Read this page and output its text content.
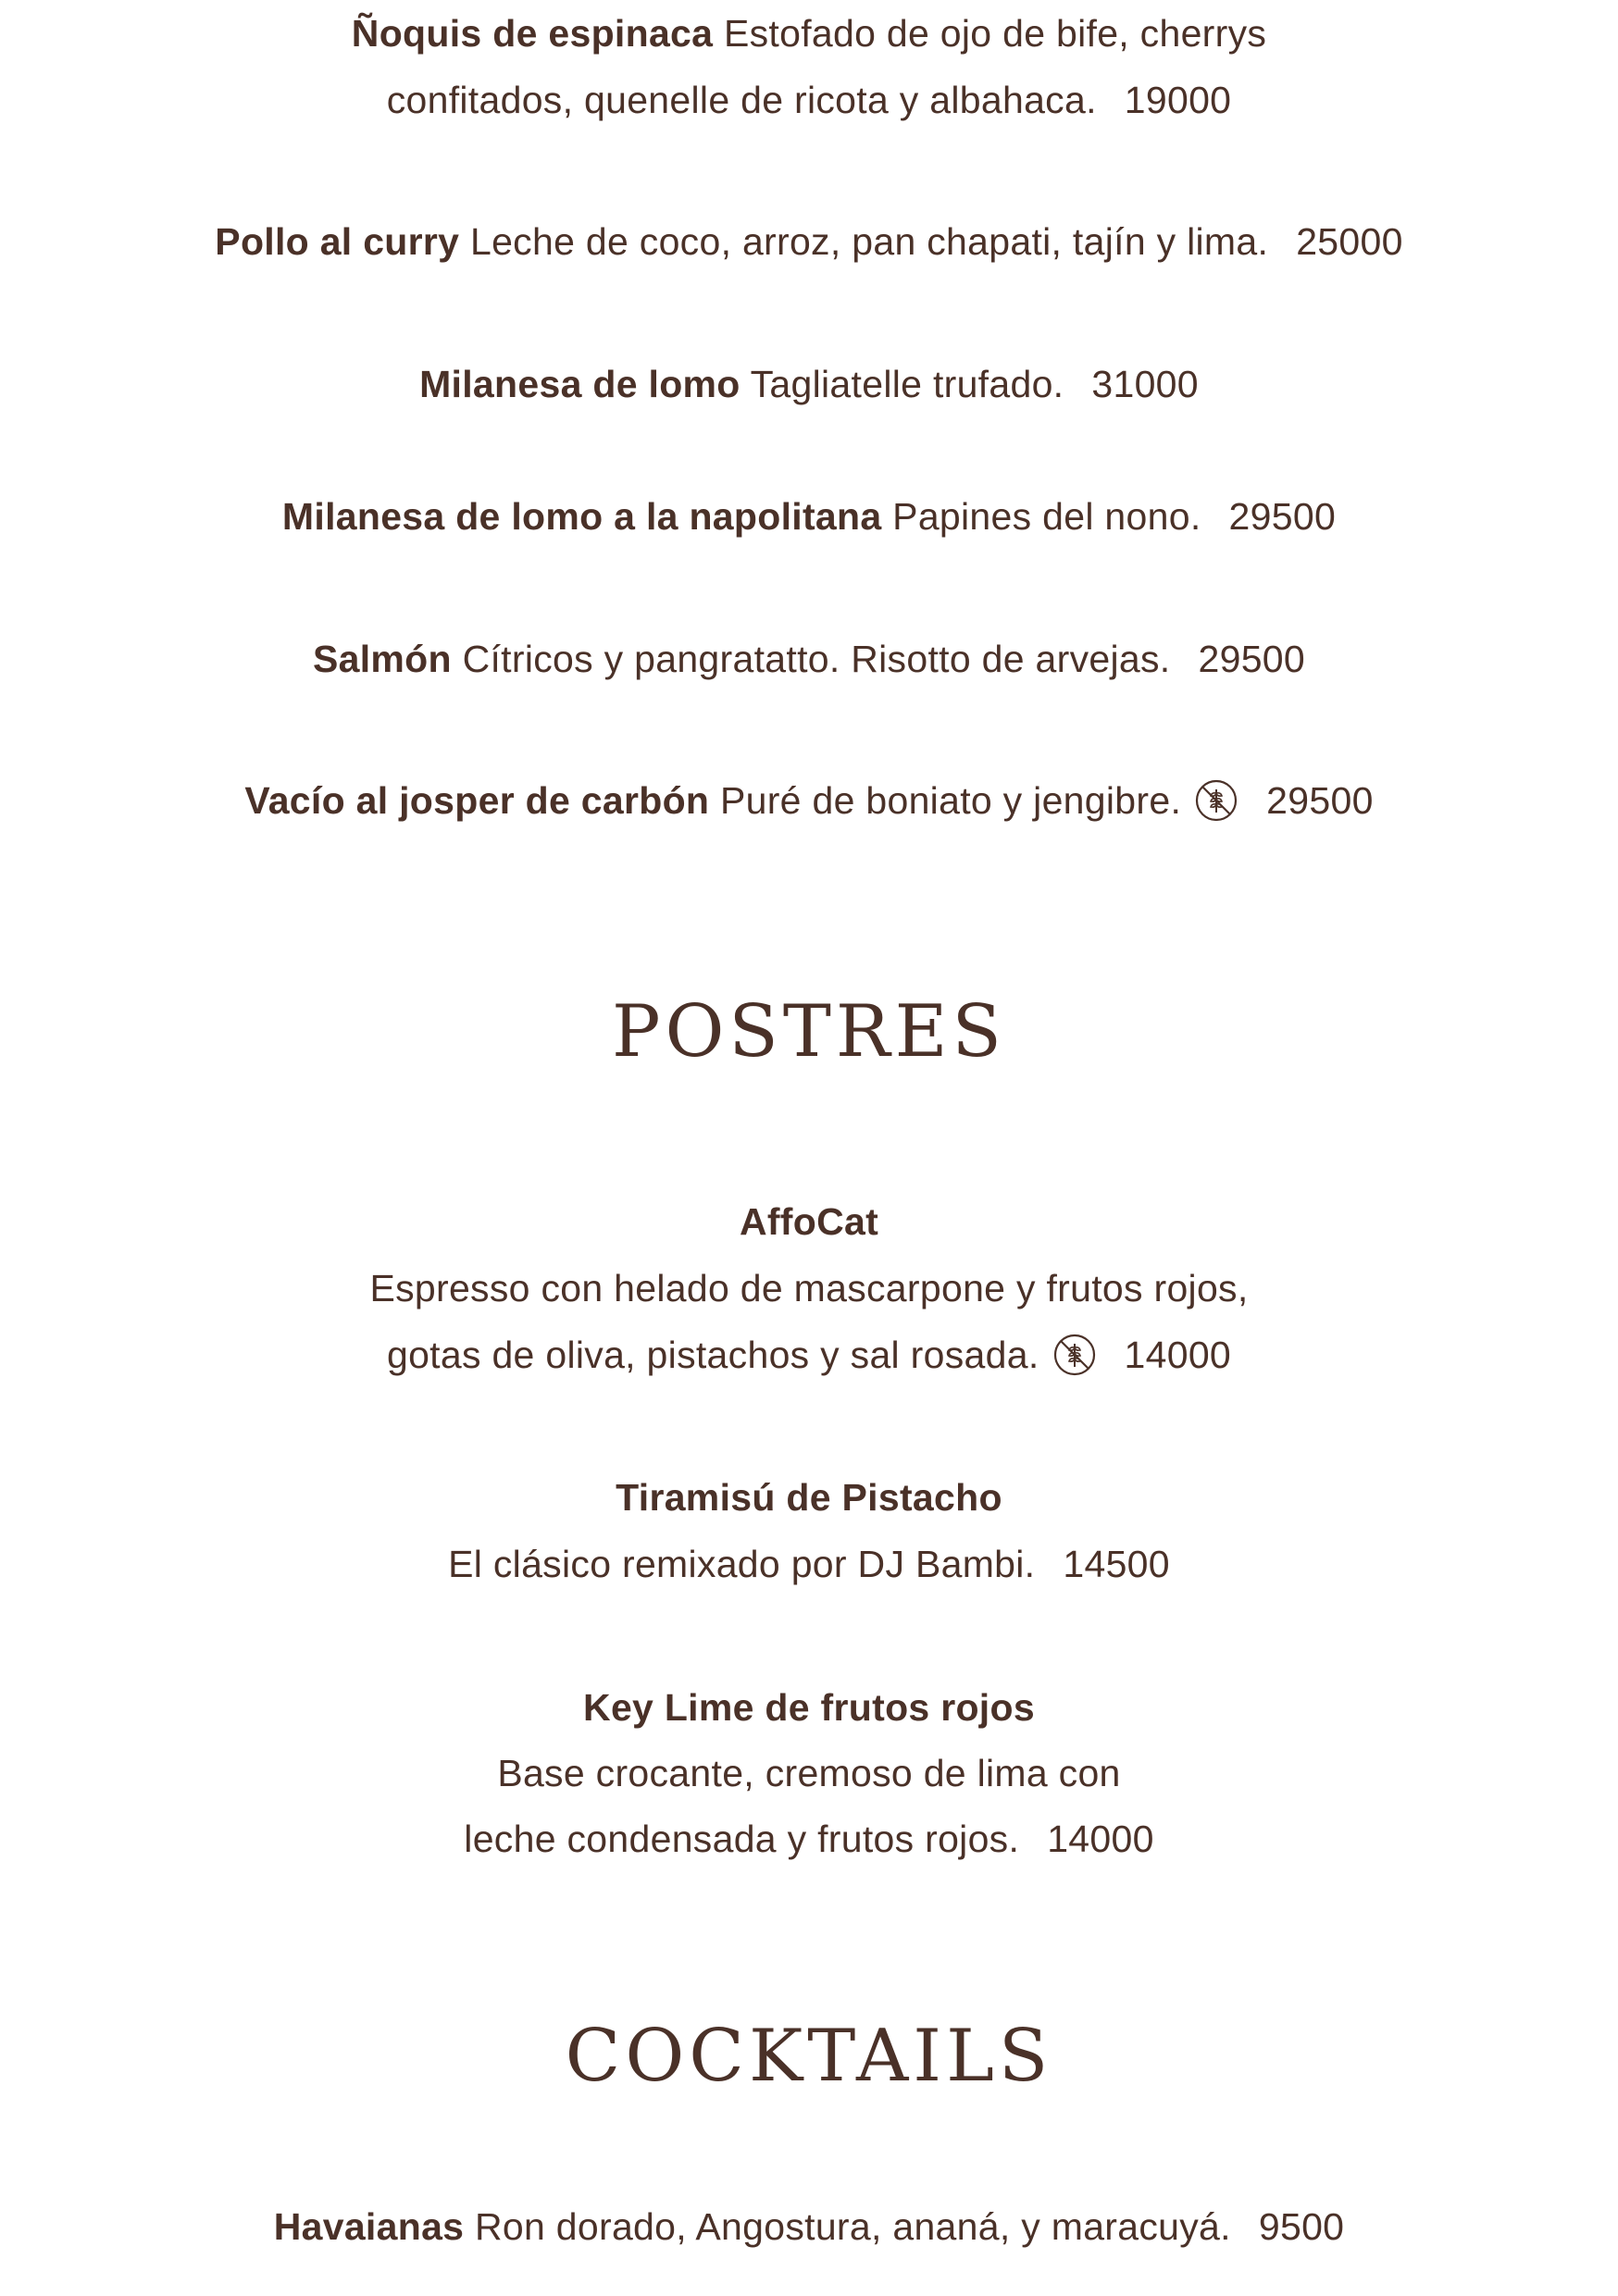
Ñoquis de espinaca Estofado de ojo de bife, cherrys
confitados, quenelle de ricota y albahaca. 19000
Pollo al curry Leche de coco, arroz, pan chapati, tajín y lima. 25000
Milanesa de lomo Tagliatelle trufado. 31000
Milanesa de lomo a la napolitana Papines del nono. 29500
Salmón Cítricos y pangratatto. Risotto de arvejas. 29500
Vacío al josper de carbón Puré de boniato y jengibre. 29500
POSTRES
AffoCat
Espresso con helado de mascarpone y frutos rojos,
gotas de oliva, pistachos y sal rosada. 14000
Tiramisú de Pistacho
El clásico remixado por DJ Bambi. 14500
Key Lime de frutos rojos
Base crocante, cremoso de lima con
leche condensada y frutos rojos. 14000
COCKTAILS
Havaianas Ron dorado, Angostura, ananá, y maracuyá. 9500
